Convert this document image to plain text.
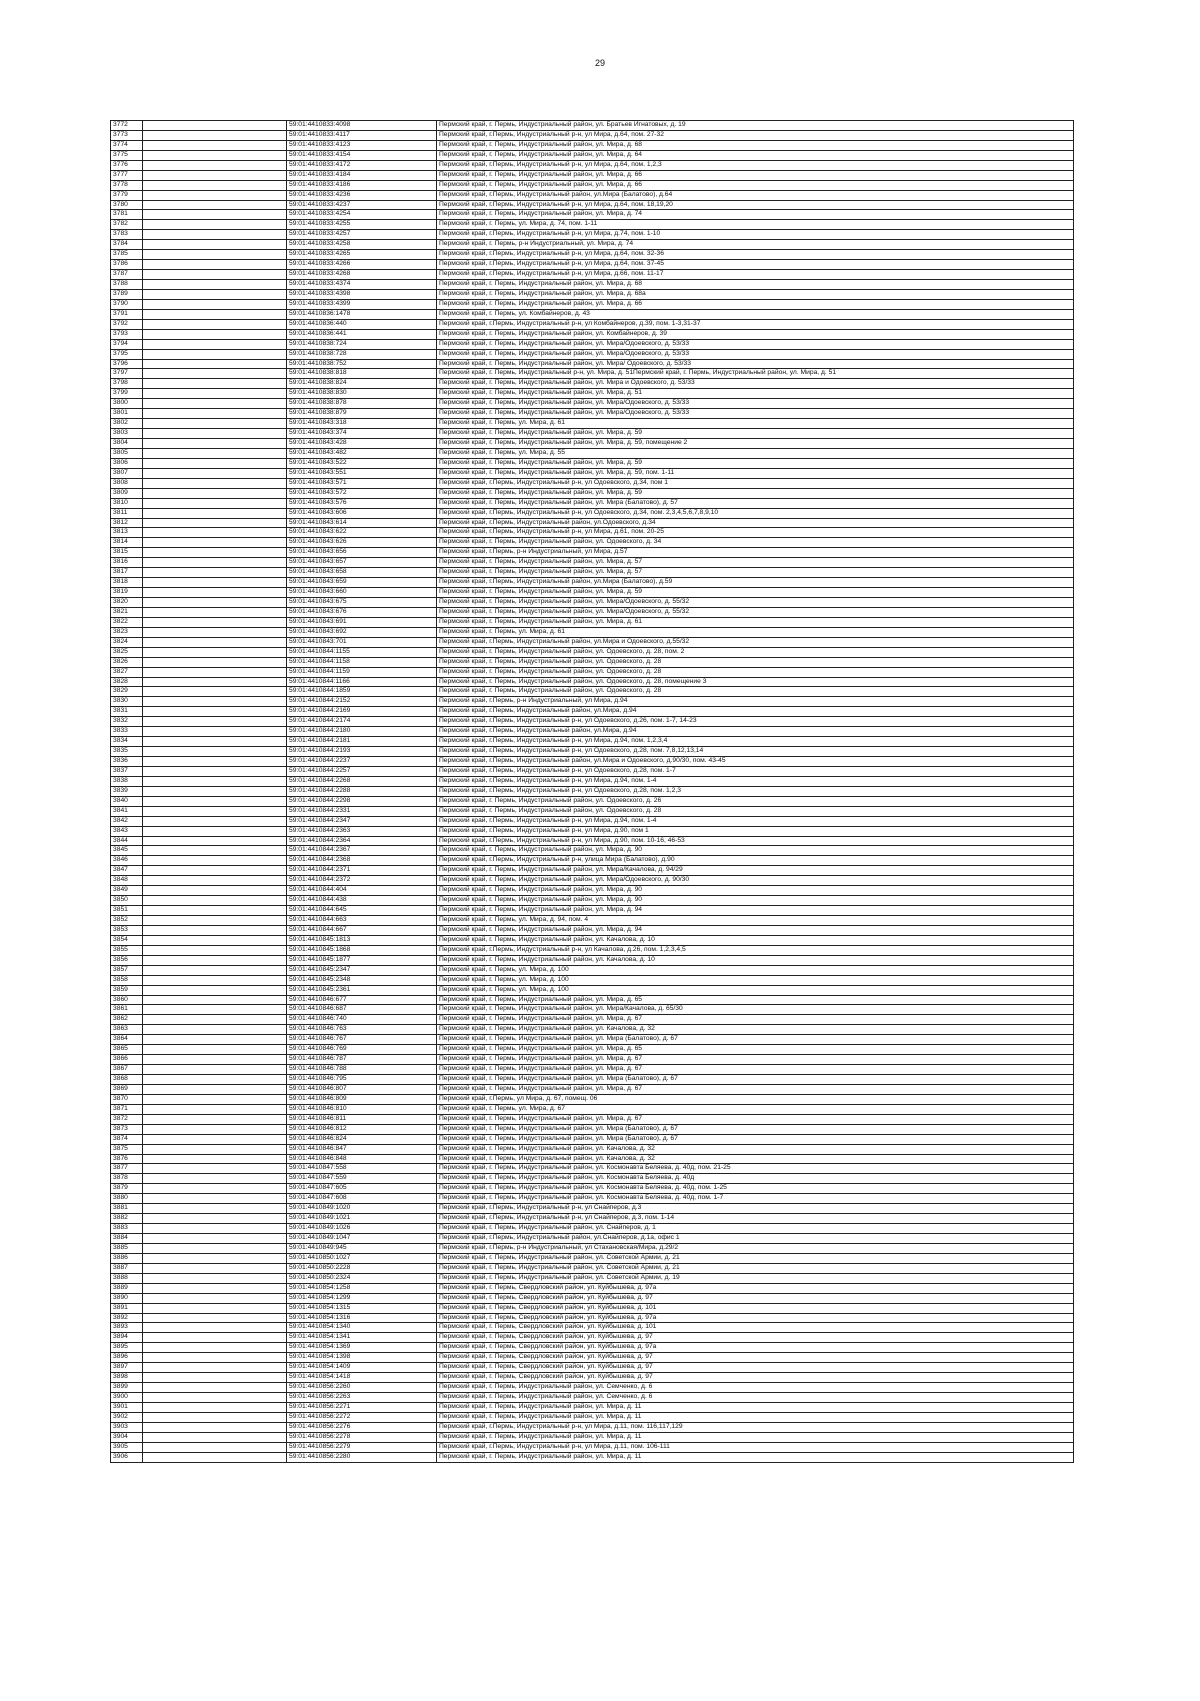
29
3772		59:01:4410833:4098	Пермский край, г. Пермь, Индустриальный район, ул. Братьев Игнатовых, д. 19
3773		59:01:4410833:4117	Пермский край, г.Пермь, Индустриальный р-н, ул Мира, д.64, пом. 27-32
3774		59:01:4410833:4123	Пермский край, г. Пермь, Индустриальный район, ул. Мира, д. 68
3775		59:01:4410833:4154	Пермский край, г. Пермь, Индустриальный район, ул. Мира, д. 64
3776		59:01:4410833:4172	Пермский край, г.Пермь, Индустриальный р-н, ул Мира, д.64, пом. 1,2,3
3777		59:01:4410833:4184	Пермский край, г. Пермь, Индустриальный район, ул. Мира, д. 66
3778		59:01:4410833:4186	Пермский край, г. Пермь, Индустриальный район, ул. Мира, д. 66
3779		59:01:4410833:4236	Пермский край, г.Пермь, Индустриальный район, ул.Мира (Балатово), д.64
3780		59:01:4410833:4237	Пермский край, г.Пермь, Индустриальный р-н, ул Мира, д.64, пом. 18,19,20
3781		59:01:4410833:4254	Пермский край, г. Пермь, Индустриальный район, ул. Мира, д. 74
3782		59:01:4410833:4255	Пермский край, г. Пермь, ул. Мира, д. 74, пом. 1-11
3783		59:01:4410833:4257	Пермский край, г.Пермь, Индустриальный р-н, ул Мира, д.74, пом. 1-10
3784		59:01:4410833:4258	Пермский край, г. Пермь, р-н Индустриальный, ул. Мира, д. 74
3785		59:01:4410833:4265	Пермский край, г.Пермь, Индустриальный р-н, ул Мира, д.64, пом. 32-36
3786		59:01:4410833:4266	Пермский край, г.Пермь, Индустриальный р-н, ул Мира, д.64, пом. 37-45
3787		59:01:4410833:4268	Пермский край, г.Пермь, Индустриальный р-н, ул Мира, д.66, пом. 11-17
3788		59:01:4410833:4374	Пермский край, г. Пермь, Индустриальный район, ул. Мира, д. 68
3789		59:01:4410833:4398	Пермский край, г. Пермь, Индустриальный район, ул. Мира, д. 68а
3790		59:01:4410833:4399	Пермский край, г. Пермь, Индустриальный район, ул. Мира, д. 66
3791		59:01:4410836:1478	Пермский край, г. Пермь, ул. Комбайнеров, д. 43
3792		59:01:4410836:440	Пермский край, г.Пермь, Индустриальный р-н, ул Комбайнеров, д.39, пом. 1-3,31-37
3793		59:01:4410836:441	Пермский край, г. Пермь, Индустриальный район, ул. Комбайнеров, д. 39
3794		59:01:4410838:724	Пермский край, г. Пермь, Индустриальный район, ул. Мира/Одоевского, д. 53/33
3795		59:01:4410838:728	Пермский край, г. Пермь, Индустриальный район, ул. Мира/Одоевского, д. 53/33
3796		59:01:4410838:752	Пермский край, г. Пермь, Индустриальный район, ул. Мира/ Одоевского, д. 53/33
3797		59:01:4410838:818	Пермский край, г. Пермь, Индустриальный р-н, ул. Мира, д. 51Пермский край, г. Пермь, Индустриальный район, ул. Мира, д. 51
3798		59:01:4410838:824	Пермский край, г. Пермь, Индустриальный район, ул. Мира и Одоевского, д. 53/33
3799		59:01:4410838:830	Пермский край, г. Пермь, Индустриальный район, ул. Мира, д. 51
3800		59:01:4410838:878	Пермский край, г. Пермь, Индустриальный район, ул. Мира/Одоевского, д. 53/33
3801		59:01:4410838:879	Пермский край, г. Пермь, Индустриальный район, ул. Мира/Одоевского, д. 53/33
3802		59:01:4410843:318	Пермский край, г. Пермь, ул. Мира, д. 61
3803		59:01:4410843:374	Пермский край, г. Пермь, Индустриальный район, ул. Мира, д. 59
3804		59:01:4410843:428	Пермский край, г. Пермь, Индустриальный район, ул. Мира, д. 59, помещение 2
3805		59:01:4410843:482	Пермский край, г. Пермь, ул. Мира, д. 55
3806		59:01:4410843:522	Пермский край, г. Пермь, Индустриальный район, ул. Мира, д. 59
3807		59:01:4410843:551	Пермский край, г. Пермь, Индустриальный район, ул. Мира, д. 59, пом. 1-11
3808		59:01:4410843:571	Пермский край, г.Пермь, Индустриальный р-н, ул Одоевского, д.34, пом 1
3809		59:01:4410843:572	Пермский край, г. Пермь, Индустриальный район, ул. Мира, д. 59
3810		59:01:4410843:576	Пермский край, г. Пермь, Индустриальный район, ул. Мира (Балатово), д. 57
3811		59:01:4410843:606	Пермский край, г.Пермь, Индустриальный р-н, ул Одоевского, д.34, пом. 2,3,4,5,6,7,8,9,10
3812		59:01:4410843:614	Пермский край, г.Пермь, Индустриальный район, ул.Одоевского, д.34
3813		59:01:4410843:622	Пермский край, г.Пермь, Индустриальный р-н, ул Мира, д.61, пом. 20-25
3814		59:01:4410843:626	Пермский край, г. Пермь, Индустриальный район, ул. Одоевского, д. 34
3815		59:01:4410843:656	Пермский край, г.Пермь, р-н Индустриальный, ул Мира, д.57
3816		59:01:4410843:657	Пермский край, г. Пермь, Индустриальный район, ул. Мира, д. 57
3817		59:01:4410843:658	Пермский край, г. Пермь, Индустриальный район, ул. Мира, д. 57
3818		59:01:4410843:659	Пермский край, г.Пермь, Индустриальный район, ул.Мира (Балатово), д.59
3819		59:01:4410843:660	Пермский край, г. Пермь, Индустриальный район, ул. Мира, д. 59
3820		59:01:4410843:675	Пермский край, г. Пермь, Индустриальный район, ул. Мира/Одоевского, д. 55/32
3821		59:01:4410843:676	Пермский край, г. Пермь, Индустриальный район, ул. Мира/Одоевского, д. 55/32
3822		59:01:4410843:691	Пермский край, г. Пермь, Индустриальный район, ул. Мира, д. 61
3823		59:01:4410843:692	Пермский край, г. Пермь, ул. Мира, д. 61
3824		59:01:4410843:701	Пермский край, г.Пермь, Индустриальный район, ул.Мира и Одоевского, д.55/32
3825		59:01:4410844:1155	Пермский край, г. Пермь, Индустриальный район, ул. Одоевского, д. 28, пом. 2
3826		59:01:4410844:1158	Пермский край, г. Пермь, Индустриальный район, ул. Одоевского, д. 28
3827		59:01:4410844:1159	Пермский край, г. Пермь, Индустриальный район, ул. Одоевского, д. 28
3828		59:01:4410844:1166	Пермский край, г. Пермь, Индустриальный район, ул. Одоевского, д. 28, помещение 3
3829		59:01:4410844:1859	Пермский край, г. Пермь, Индустриальный район, ул. Одоевского, д. 28
3830		59:01:4410844:2152	Пермский край, г.Пермь, р-н Индустриальный, ул Мира, д.94
3831		59:01:4410844:2169	Пермский край, г.Пермь, Индустриальный район, ул.Мира, д.94
3832		59:01:4410844:2174	Пермский край, г.Пермь, Индустриальный р-н, ул Одоевского, д.26, пом. 1-7, 14-23
3833		59:01:4410844:2180	Пермский край, г.Пермь, Индустриальный район, ул.Мира, д.94
3834		59:01:4410844:2181	Пермский край, г.Пермь, Индустриальный р-н, ул Мира, д.94, пом. 1,2,3,4
3835		59:01:4410844:2193	Пермский край, г.Пермь, Индустриальный р-н, ул Одоевского, д.28, пом. 7,8,12,13,14
3836		59:01:4410844:2237	Пермский край, г.Пермь, Индустриальный район, ул.Мира и Одоевского, д.90/30, пом. 43-45
3837		59:01:4410844:2257	Пермский край, г.Пермь, Индустриальный р-н, ул Одоевского, д.28, пом. 1-7
3838		59:01:4410844:2268	Пермский край, г.Пермь, Индустриальный р-н, ул Мира, д.94, пом. 1-4
3839		59:01:4410844:2288	Пермский край, г.Пермь, Индустриальный р-н, ул Одоевского, д.28, пом. 1,2,3
3840		59:01:4410844:2298	Пермский край, г. Пермь, Индустриальный район, ул. Одоевского, д. 26
3841		59:01:4410844:2331	Пермский край, г. Пермь, Индустриальный район, ул. Одоевского, д. 28
3842		59:01:4410844:2347	Пермский край, г.Пермь, Индустриальный р-н, ул Мира, д.94, пом. 1-4
3843		59:01:4410844:2363	Пермский край, г.Пермь, Индустриальный р-н, ул Мира, д.90, пом 1
3844		59:01:4410844:2364	Пермский край, г.Пермь, Индустриальный р-н, ул Мира, д.90, пом. 10-16, 46-53
3845		59:01:4410844:2367	Пермский край, г. Пермь, Индустриальный район, ул. Мира, д. 90
3846		59:01:4410844:2368	Пермский край, г.Пермь, Индустриальный р-н, улица Мира (Балатово), д.90
3847		59:01:4410844:2371	Пермский край, г. Пермь, Индустриальный район, ул. Мира/Качалова, д. 94/29
3848		59:01:4410844:2372	Пермский край, г. Пермь, Индустриальный район, ул. Мира/Одоевского, д. 90/30
3849		59:01:4410844:404	Пермский край, г. Пермь, Индустриальный район, ул. Мира, д. 90
3850		59:01:4410844:438	Пермский край, г. Пермь, Индустриальный район, ул. Мира, д. 90
3851		59:01:4410844:645	Пермский край, г. Пермь, Индустриальный район, ул. Мира, д. 94
3852		59:01:4410844:663	Пермский край, г. Пермь, ул. Мира, д. 94, пом. 4
3853		59:01:4410844:667	Пермский край, г. Пермь, Индустриальный район, ул. Мира, д. 94
3854		59:01:4410845:1813	Пермский край, г. Пермь, Индустриальный район, ул. Качалова, д. 10
3855		59:01:4410845:1868	Пермский край, г.Пермь, Индустриальный р-н, ул Качалова, д.26, пом. 1,2,3,4,5
3856		59:01:4410845:1877	Пермский край, г. Пермь, Индустриальный район, ул. Качалова, д. 10
3857		59:01:4410845:2347	Пермский край, г. Пермь, ул. Мира, д. 100
3858		59:01:4410845:2348	Пермский край, г. Пермь, ул. Мира, д. 100
3859		59:01:4410845:2361	Пермский край, г. Пермь, ул. Мира, д. 100
3860		59:01:4410846:677	Пермский край, г. Пермь, Индустриальный район, ул. Мира, д. 65
3861		59:01:4410846:687	Пермский край, г. Пермь, Индустриальный район, ул. Мира/Качалова, д. 65/30
3862		59:01:4410846:740	Пермский край, г. Пермь, Индустриальный район, ул. Мира, д. 67
3863		59:01:4410846:763	Пермский край, г. Пермь, Индустриальный район, ул. Качалова, д. 32
3864		59:01:4410846:767	Пермский край, г. Пермь, Индустриальный район, ул. Мира (Балатово), д. 67
3865		59:01:4410846:769	Пермский край, г. Пермь, Индустриальный район, ул. Мира, д. 65
3866		59:01:4410846:787	Пермский край, г. Пермь, Индустриальный район, ул. Мира, д. 67
3867		59:01:4410846:788	Пермский край, г. Пермь, Индустриальный район, ул. Мира, д. 67
3868		59:01:4410846:795	Пермский край, г. Пермь, Индустриальный район, ул. Мира (Балатово), д. 67
3869		59:01:4410846:807	Пермский край, г. Пермь, Индустриальный район, ул. Мира, д. 67
3870		59:01:4410846:809	Пермский край, г.Пермь, ул Мира, д. 67, помещ. 06
3871		59:01:4410846:810	Пермский край, г. Пермь, ул. Мира, д. 67
3872		59:01:4410846:811	Пермский край, г. Пермь, Индустриальный район, ул. Мира, д. 67
3873		59:01:4410846:812	Пермский край, г. Пермь, Индустриальный район, ул. Мира (Балатово), д. 67
3874		59:01:4410846:824	Пермский край, г. Пермь, Индустриальный район, ул. Мира (Балатово), д. 67
3875		59:01:4410846:847	Пермский край, г. Пермь, Индустриальный район, ул. Качалова, д. 32
3876		59:01:4410846:848	Пермский край, г. Пермь, Индустриальный район, ул. Качалова, д. 32
3877		59:01:4410847:558	Пермский край, г. Пермь, Индустриальный район, ул. Космонавта Беляева, д. 40д, пом. 21-25
3878		59:01:4410847:559	Пермский край, г. Пермь, Индустриальный район, ул. Космонавта Беляева, д. 40д
3879		59:01:4410847:605	Пермский край, г. Пермь, Индустриальный район, ул. Космонавта Беляева, д. 40д, пом. 1-25
3880		59:01:4410847:608	Пермский край, г. Пермь, Индустриальный район, ул. Космонавта Беляева, д. 40д, пом. 1-7
3881		59:01:4410849:1020	Пермский край, г.Пермь, Индустриальный р-н, ул Снайперов, д.3
3882		59:01:4410849:1021	Пермский край, г.Пермь, Индустриальный р-н, ул Снайперов, д.3, пом. 1-14
3883		59:01:4410849:1026	Пермский край, г. Пермь, Индустриальный район, ул. Снайперов, д. 1
3884		59:01:4410849:1047	Пермский край, г.Пермь, Индустриальный район, ул.Снайперов, д.1а, офис 1
3885		59:01:4410849:945	Пермский край, г.Пермь, р-н Индустриальный, ул Стахановская/Мира, д.29/2
3886		59:01:4410850:1027	Пермский край, г. Пермь, Индустриальный район, ул. Советской Армии, д. 21
3887		59:01:4410850:2228	Пермский край, г. Пермь, Индустриальный район, ул. Советской Армии, д. 21
3888		59:01:4410850:2324	Пермский край, г. Пермь, Индустриальный район, ул. Советской Армии, д. 19
3889		59:01:4410854:1258	Пермский край, г. Пермь, Свердловский район, ул. Куйбышева, д. 97а
3890		59:01:4410854:1299	Пермский край, г. Пермь, Свердловский район, ул. Куйбышева, д. 97
3891		59:01:4410854:1315	Пермский край, г. Пермь, Свердловский район, ул. Куйбышева, д. 101
3892		59:01:4410854:1316	Пермский край, г. Пермь, Свердловский район, ул. Куйбышева, д. 97а
3893		59:01:4410854:1340	Пермский край, г. Пермь, Свердловский район, ул. Куйбышева, д. 101
3894		59:01:4410854:1341	Пермский край, г. Пермь, Свердловский район, ул. Куйбышева, д. 97
3895		59:01:4410854:1369	Пермский край, г. Пермь, Свердловский район, ул. Куйбышева, д. 97а
3896		59:01:4410854:1398	Пермский край, г. Пермь, Свердловский район, ул. Куйбышева, д. 97
3897		59:01:4410854:1409	Пермский край, г. Пермь, Свердловский район, ул. Куйбышева, д. 97
3898		59:01:4410854:1418	Пермский край, г. Пермь, Свердловский район, ул. Куйбышева, д. 97
3899		59:01:4410856:2260	Пермский край, г. Пермь, Индустриальный район, ул. Семченко, д. 6
3900		59:01:4410856:2263	Пермский край, г. Пермь, Индустриальный район, ул. Семченко, д. 6
3901		59:01:4410856:2271	Пермский край, г. Пермь, Индустриальный район, ул. Мира, д. 11
3902		59:01:4410856:2272	Пермский край, г. Пермь, Индустриальный район, ул. Мира, д. 11
3903		59:01:4410856:2276	Пермский край, г.Пермь, Индустриальный р-н, ул Мира, д.11, пом. 116,117,129
3904		59:01:4410856:2278	Пермский край, г. Пермь, Индустриальный район, ул. Мира, д. 11
3905		59:01:4410856:2279	Пермский край, г.Пермь, Индустриальный р-н, ул Мира, д.11, пом. 106-111
3906		59:01:4410856:2280	Пермский край, г. Пермь, Индустриальный район, ул. Мира, д. 11
